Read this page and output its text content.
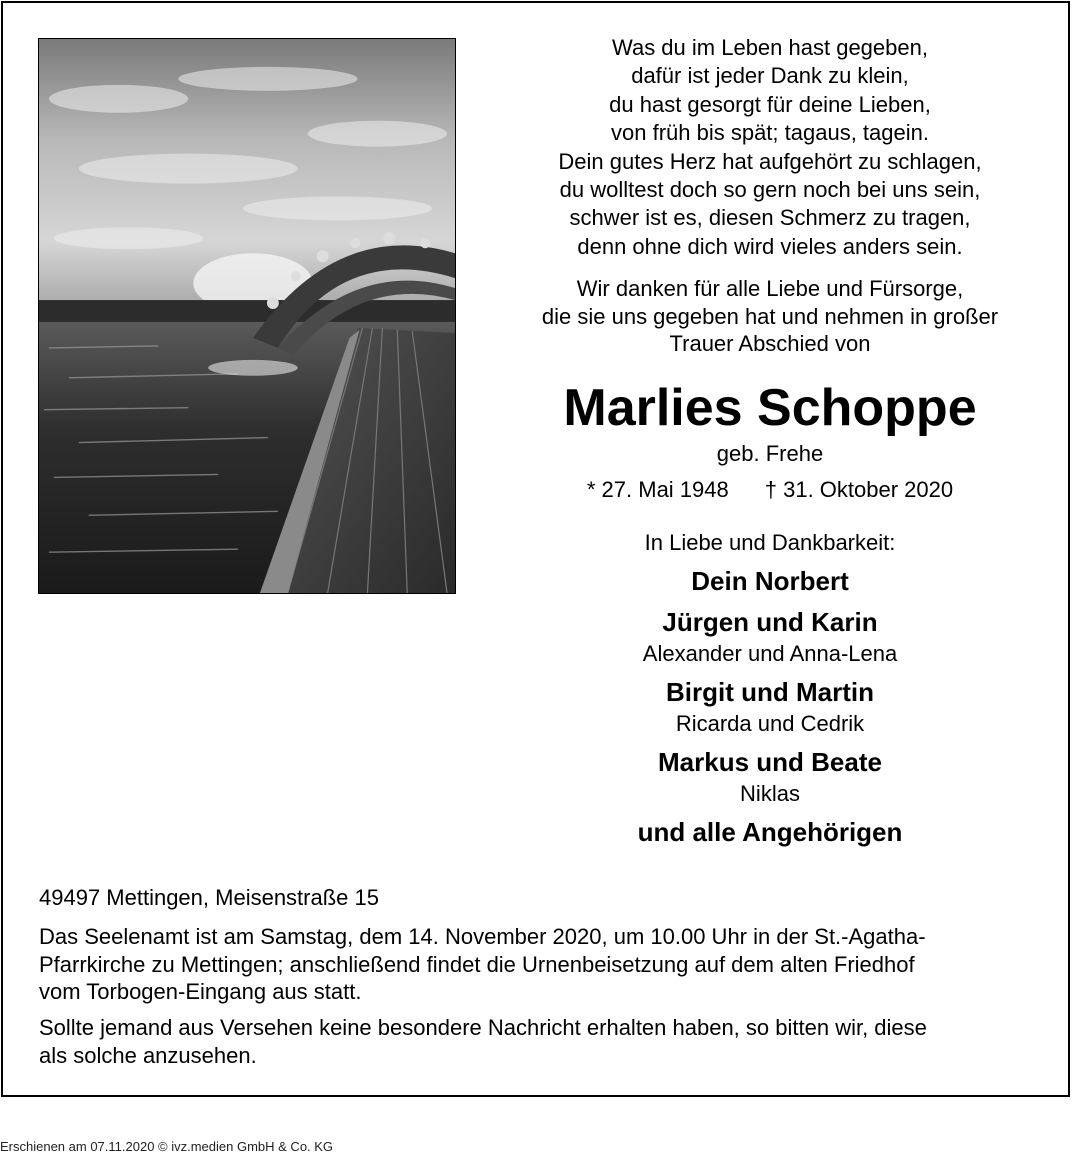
Was du im Leben hast gegeben,
dafür ist jeder Dank zu klein,
du hast gesorgt für deine Lieben,
von früh bis spät; tagaus, tagein.
Dein gutes Herz hat aufgehört zu schlagen,
du wolltest doch so gern noch bei uns sein,
schwer ist es, diesen Schmerz zu tragen,
denn ohne dich wird vieles anders sein.
Wir danken für alle Liebe und Fürsorge,
die sie uns gegeben hat und nehmen in großer
Trauer Abschied von
Marlies Schoppe
geb. Frehe
* 27. Mai 1948 † 31. Oktober 2020
In Liebe und Dankbarkeit:
Dein Norbert
Jürgen und Karin
Alexander und Anna-Lena
Birgit und Martin
Ricarda und Cedrik
Markus und Beate
Niklas
und alle Angehörigen
49497 Mettingen, Meisenstraße 15
Das Seelenamt ist am Samstag, dem 14. November 2020, um 10.00 Uhr in der St.-Agatha-
Pfarrkirche zu Mettingen; anschließend findet die Urnenbeisetzung auf dem alten Friedhof
vom Torbogen-Eingang aus statt.
Sollte jemand aus Versehen keine besondere Nachricht erhalten haben, so bitten wir, diese
als solche anzusehen.
Erschienen am 07.11.2020 © ivz.medien GmbH & Co. KG
